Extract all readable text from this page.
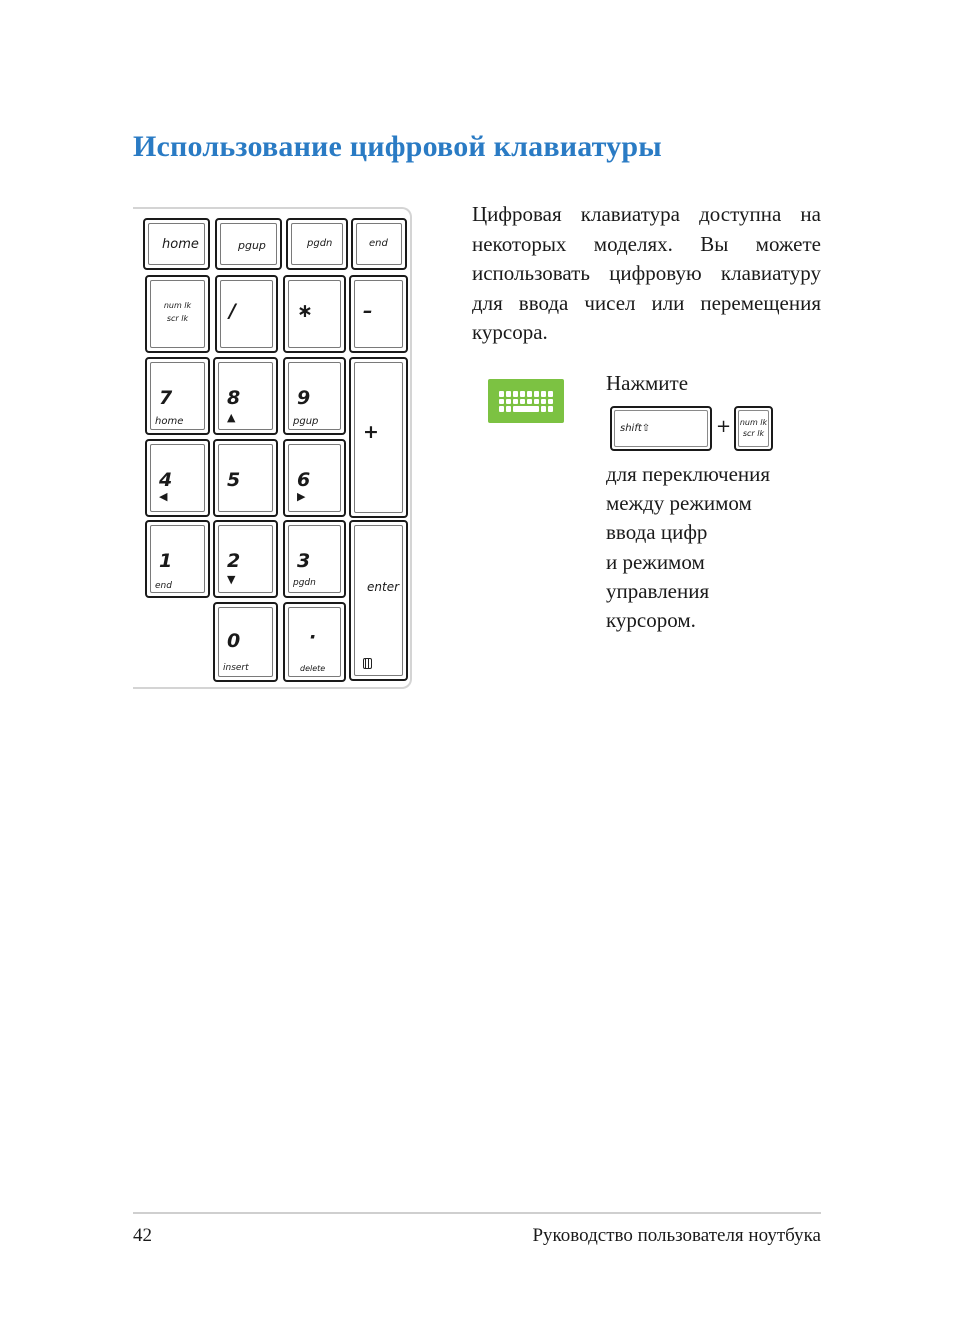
Использование цифровой клавиатуры
home	pgup	pgdn	end
num lk
scr lk	/	∗	–
7
home
8
▲
9
pgup +
4
◀
5	6
▶
1
end
2
▼
3
pgdn	enter
0
insert
·
delete

Цифровая клавиатура доступна на некоторых моделях. Вы можете использовать цифровую клавиатуру для ввода чисел или перемещения курсора.

Нажмите

shift⇧	+	num lk
scr lk
для переключения
между режимом
ввода цифр
и режимом
управления
курсором.
42	Руководство пользователя ноутбука
